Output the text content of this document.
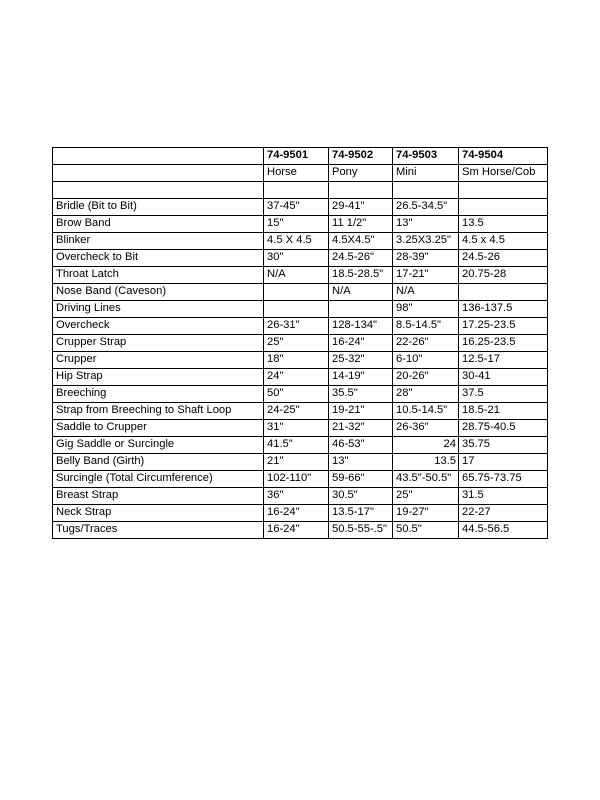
	74-9501	74-9502	74-9503	74-9504
	Horse	Pony	Mini	Sm Horse/Cob

Bridle (Bit to Bit)	37-45"	29-41"	26.5-34.5"	
Brow Band	15"	11 1/2"	13"	13.5
Blinker	4.5 X 4.5	4.5X4.5"	3.25X3.25"	4.5 x 4.5
Overcheck to Bit	30"	24.5-26"	28-39"	24.5-26
Throat Latch	N/A	18.5-28.5"	17-21"	20.75-28
Nose Band (Caveson)		N/A	N/A	
Driving Lines			98"	136-137.5
Overcheck	26-31"	128-134"	8.5-14.5"	17.25-23.5
Crupper Strap	25"	16-24"	22-26"	16.25-23.5
Crupper	18"	25-32"	6-10"	12.5-17
Hip Strap	24"	14-19"	20-26"	30-41
Breeching	50"	35.5"	28"	37.5
Strap from Breeching to Shaft Loop	24-25"	19-21"	10.5-14.5"	18.5-21
Saddle to Crupper	31"	21-32"	26-36"	28.75-40.5
Gig Saddle or Surcingle	41.5"	46-53"	24	35.75
Belly Band (Girth)	21"	13"	13.5	17
Surcingle (Total Circumference)	102-110"	59-66"	43.5"-50.5"	65.75-73.75
Breast Strap	36"	30.5"	25"	31.5
Neck Strap	16-24"	13.5-17"	19-27"	22-27
Tugs/Traces	16-24"	50.5-55-.5"	50.5"	44.5-56.5
